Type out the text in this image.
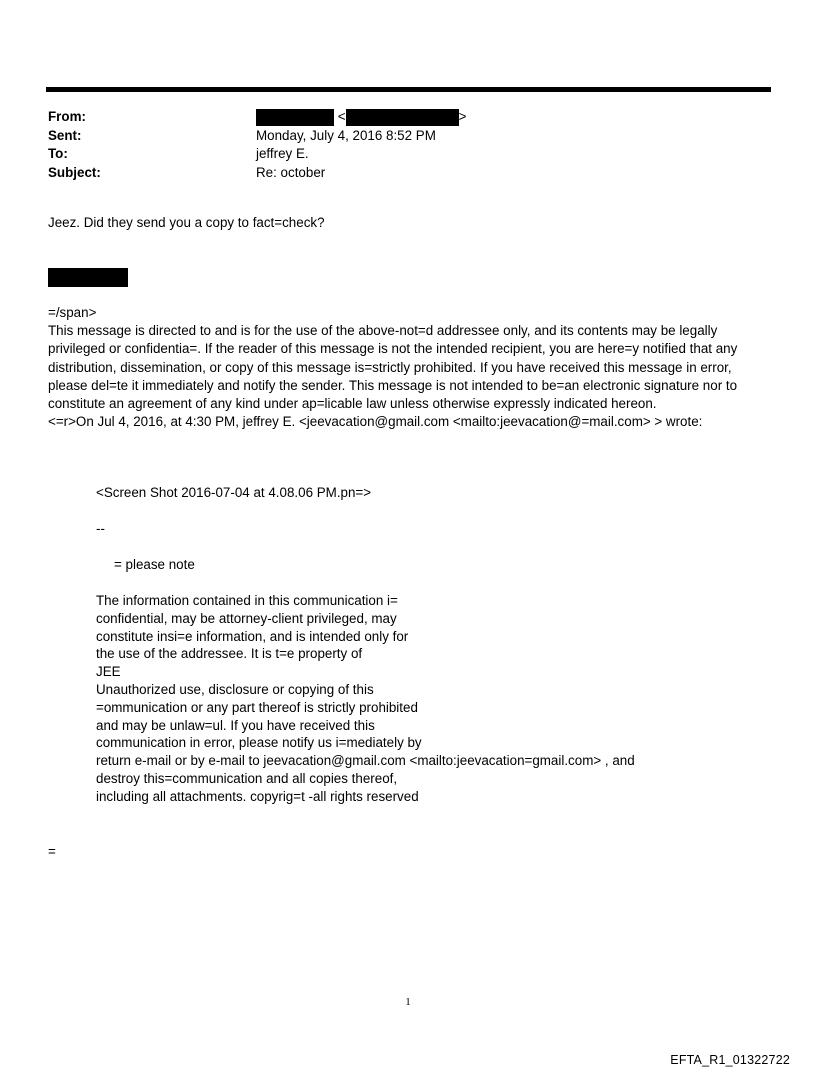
From:	<	>
Sent:	Monday, July 4, 2016 8:52 PM
To:	jeffrey E.
Subject:	Re: october
Jeez. Did they send you a copy to fact=check?
=/span>
This message is directed to and is for the use of the above-not=d addressee only, and its contents may be legally
privileged or confidentia=. If the reader of this message is not the intended recipient, you are here=y notified that any
distribution, dissemination, or copy of this message is=strictly prohibited. If you have received this message in error,
please del=te it immediately and notify the sender. This message is not intended to be=an electronic signature nor to
constitute an agreement of any kind under ap=licable law unless otherwise expressly indicated hereon.
<=r>On Jul 4, 2016, at 4:30 PM, jeffrey E. <jeevacation@gmail.com <mailto:jeevacation@=mail.com> > wrote:
<Screen Shot 2016-07-04 at 4.08.06 PM.pn=>
--
= please note
The information contained in this communication i=
confidential, may be attorney-client privileged, may
constitute insi=e information, and is intended only for
the use of the addressee. It is t=e property of
JEE
Unauthorized use, disclosure or copying of this
=ommunication or any part thereof is strictly prohibited
and may be unlaw=ul. If you have received this
communication in error, please notify us i=mediately by
return e-mail or by e-mail to jeevacation@gmail.com <mailto:jeevacation=gmail.com> , and
destroy this=communication and all copies thereof,
including all attachments. copyrig=t -all rights reserved
=
1
EFTA_R1_01322722
